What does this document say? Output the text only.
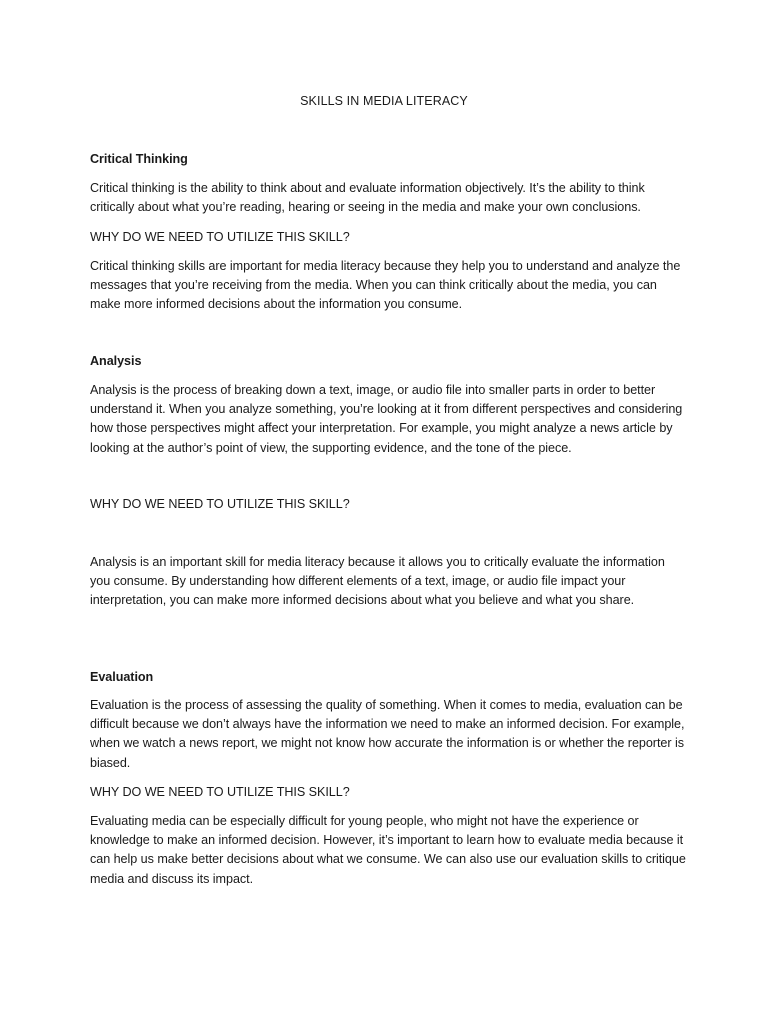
SKILLS IN MEDIA LITERACY
Critical Thinking
Critical thinking is the ability to think about and evaluate information objectively. It’s the ability to think critically about what you’re reading, hearing or seeing in the media and make your own conclusions.
WHY DO WE NEED TO UTILIZE THIS SKILL?
Critical thinking skills are important for media literacy because they help you to understand and analyze the messages that you’re receiving from the media. When you can think critically about the media, you can make more informed decisions about the information you consume.
Analysis
Analysis is the process of breaking down a text, image, or audio file into smaller parts in order to better understand it. When you analyze something, you’re looking at it from different perspectives and considering how those perspectives might affect your interpretation. For example, you might analyze a news article by looking at the author’s point of view, the supporting evidence, and the tone of the piece.
WHY DO WE NEED TO UTILIZE THIS SKILL?
Analysis is an important skill for media literacy because it allows you to critically evaluate the information you consume. By understanding how different elements of a text, image, or audio file impact your interpretation, you can make more informed decisions about what you believe and what you share.
Evaluation
Evaluation is the process of assessing the quality of something. When it comes to media, evaluation can be difficult because we don’t always have the information we need to make an informed decision. For example, when we watch a news report, we might not know how accurate the information is or whether the reporter is biased.
WHY DO WE NEED TO UTILIZE THIS SKILL?
Evaluating media can be especially difficult for young people, who might not have the experience or knowledge to make an informed decision. However, it’s important to learn how to evaluate media because it can help us make better decisions about what we consume. We can also use our evaluation skills to critique media and discuss its impact.
